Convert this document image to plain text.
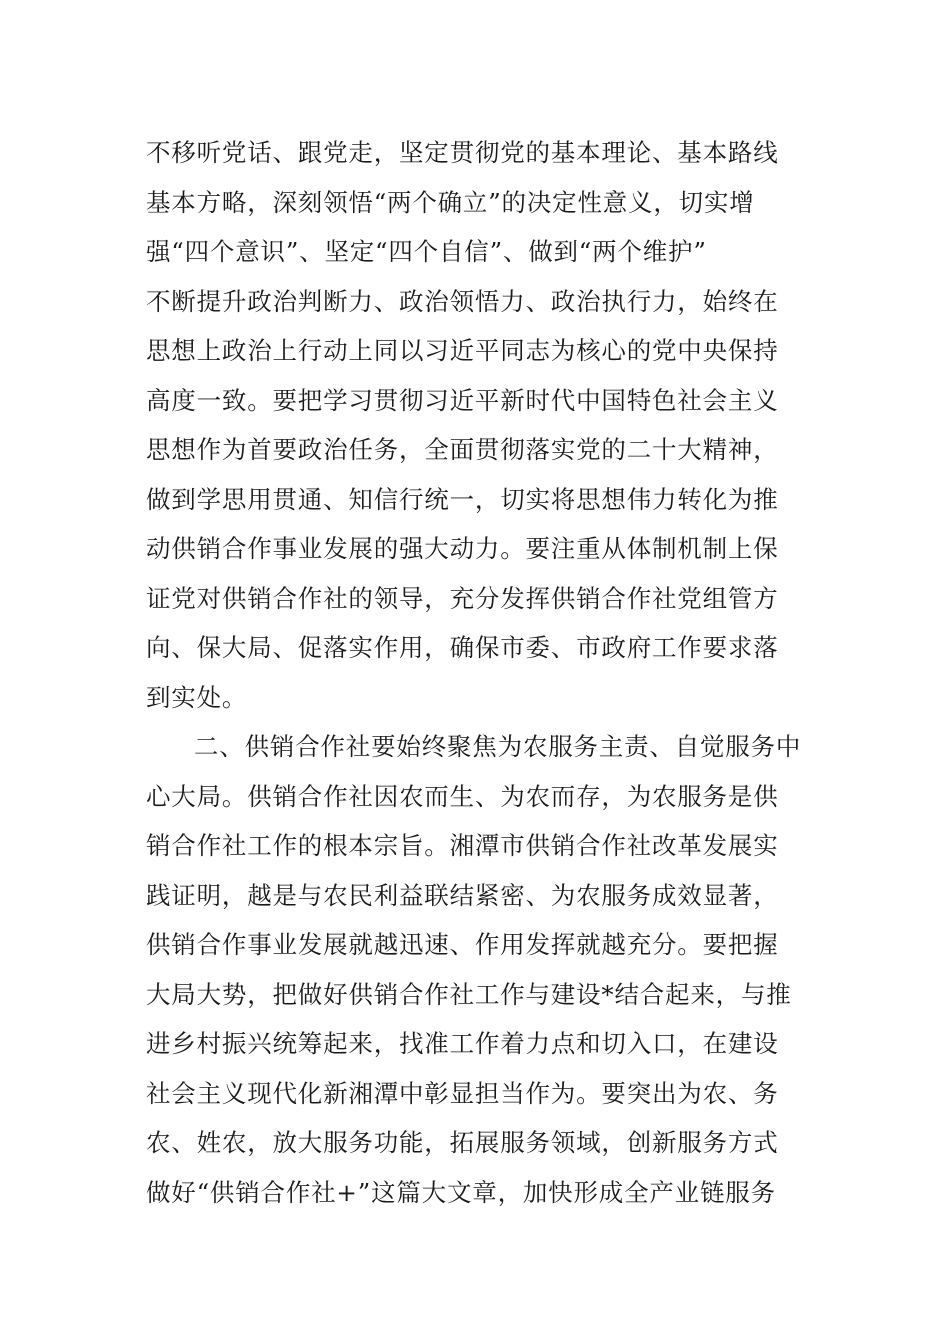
不移听党话、跟党走，坚定贯彻党的基本理论、基本路线
基本方略，深刻领悟“两个确立”的决定性意义，切实增
强“四个意识”、坚定“四个自信”、做到“两个维护”
不断提升政治判断力、政治领悟力、政治执行力，始终在
思想上政治上行动上同以习近平同志为核心的党中央保持
高度一致。要把学习贯彻习近平新时代中国特色社会主义
思想作为首要政治任务，全面贯彻落实党的二十大精神，
做到学思用贯通、知信行统一，切实将思想伟力转化为推
动供销合作事业发展的强大动力。要注重从体制机制上保
证党对供销合作社的领导，充分发挥供销合作社党组管方
向、保大局、促落实作用，确保市委、市政府工作要求落
到实处。
二、供销合作社要始终聚焦为农服务主责、自觉服务中
心大局。供销合作社因农而生、为农而存，为农服务是供
销合作社工作的根本宗旨。湘潭市供销合作社改革发展实
践证明，越是与农民利益联结紧密、为农服务成效显著，
供销合作事业发展就越迅速、作用发挥就越充分。要把握
大局大势，把做好供销合作社工作与建设*结合起来，与推
进乡村振兴统筹起来，找准工作着力点和切入口，在建设
社会主义现代化新湘潭中彰显担当作为。要突出为农、务
农、姓农，放大服务功能，拓展服务领域，创新服务方式
做好“供销合作社+”这篇大文章，加快形成全产业链服务
